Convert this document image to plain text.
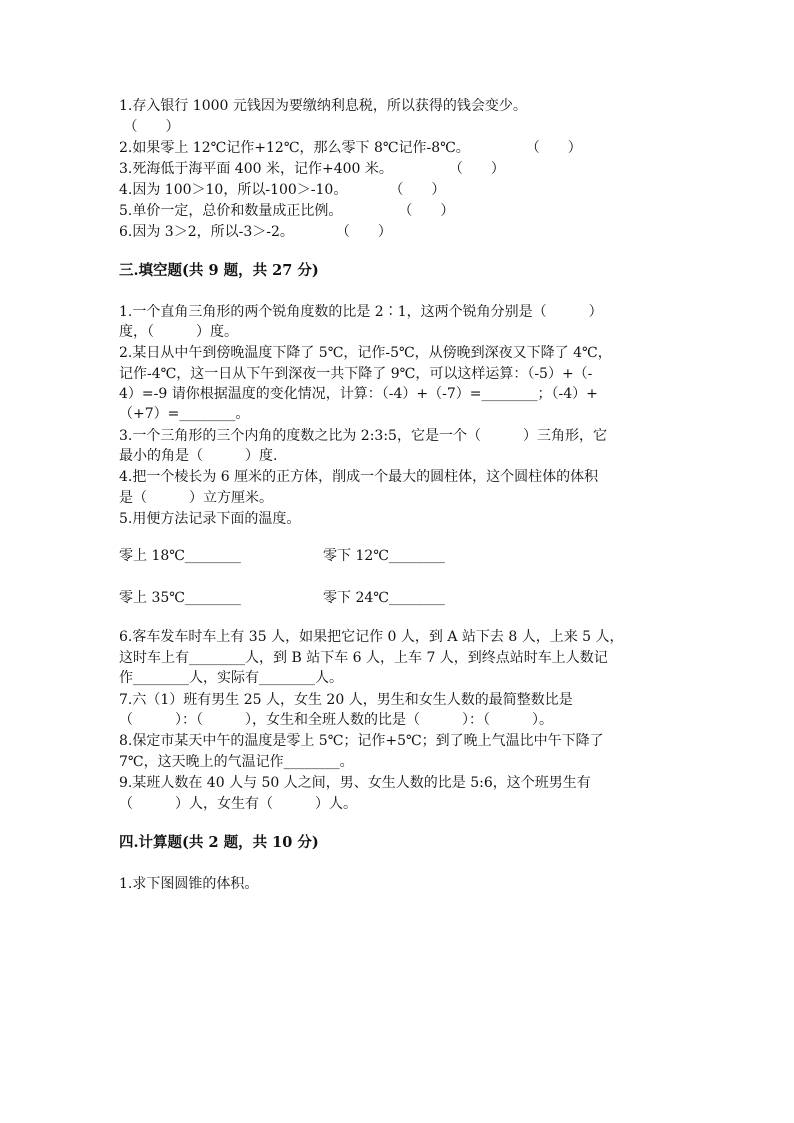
1.存入银行 1000 元钱因为要缴纳利息税，所以获得的钱会变少。
（　　）
2.如果零上 12℃记作+12℃，那么零下 8℃记作-8℃。　　　　　（　　）
3.死海低于海平面 400 米，记作+400 米。　　　　　（　　）
4.因为 100＞10，所以-100＞-10。　　　　（　　）
5.单价一定，总价和数量成正比例。　　　　　（　　）
6.因为 3＞2，所以-3＞-2。　　　　（　　）
三.填空题(共 9 题，共 27 分)
1.一个直角三角形的两个锐角度数的比是 2∶1，这两个锐角分别是（　　　）
度，（　　　）度。
2.某日从中午到傍晚温度下降了 5℃，记作-5℃，从傍晚到深夜又下降了 4℃，
记作-4℃，这一日从下午到深夜一共下降了 9℃，可以这样运算：（-5）+（-
4）=-9 请你根据温度的变化情况，计算：（-4）+（-7）=________；（-4）+
（+7）=________。
3.一个三角形的三个内角的度数之比为 2:3:5，它是一个（　　　）三角形，它
最小的角是（　　　）度.
4.把一个棱长为 6 厘米的正方体，削成一个最大的圆柱体，这个圆柱体的体积
是（　　　）立方厘米。
5.用便方法记录下面的温度。
零上 18℃________	零下 12℃________
零上 35℃________	零下 24℃________
6.客车发车时车上有 35 人，如果把它记作 0 人，到 A 站下去 8 人，上来 5 人，
这时车上有________人，到 B 站下车 6 人，上车 7 人，到终点站时车上人数记
作________人，实际有________人。
7.六（1）班有男生 25 人，女生 20 人，男生和女生人数的最简整数比是
（　　　）：（　　　），女生和全班人数的比是（　　　）：（　　　）。
8.保定市某天中午的温度是零上 5℃；记作+5℃；到了晚上气温比中午下降了
7℃，这天晚上的气温记作________。
9.某班人数在 40 人与 50 人之间，男、女生人数的比是 5:6，这个班男生有
（　　　）人，女生有（　　　）人。
四.计算题(共 2 题，共 10 分)
1.求下图圆锥的体积。
